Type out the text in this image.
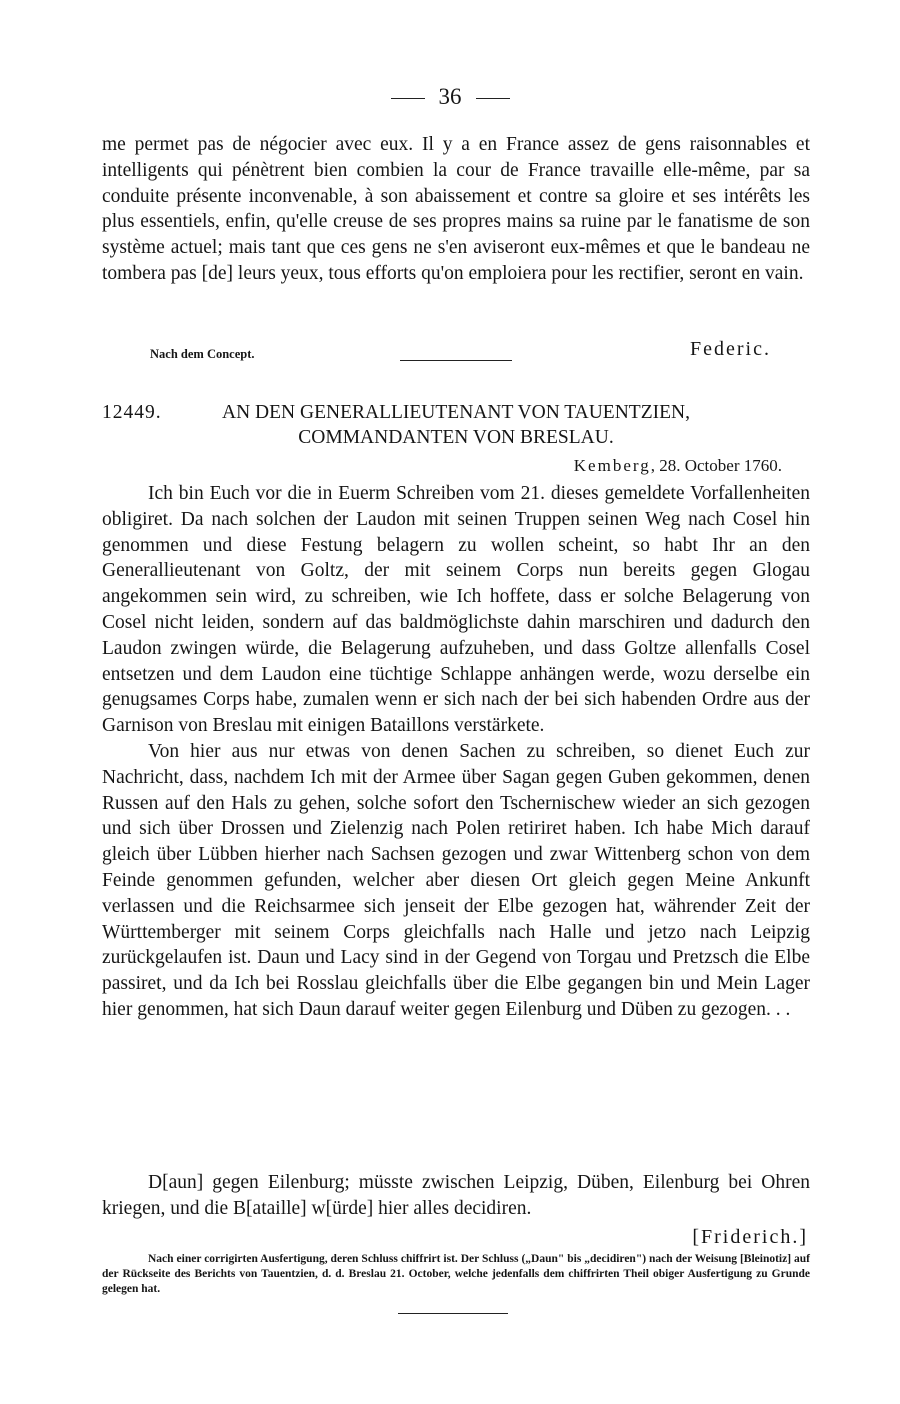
36

me permet pas de négocier avec eux. Il y a en France assez de gens raisonnables et intelligents qui pénètrent bien combien la cour de France travaille elle-même, par sa conduite présente inconvenable, à son abaissement et contre sa gloire et ses intérêts les plus essentiels, enfin, qu'elle creuse de ses propres mains sa ruine par le fanatisme de son système actuel; mais tant que ces gens ne s'en aviseront eux-mêmes et que le bandeau ne tombera pas [de] leurs yeux, tous efforts qu'on emploiera pour les rectifier, seront en vain.

Nach dem Concept.	Federic.
12449.	AN DEN GENERALLIEUTENANT VON TAUENTZIEN,
COMMANDANTEN VON BRESLAU.
Kemberg, 28. October 1760.

Ich bin Euch vor die in Euerm Schreiben vom 21. dieses gemeldete Vorfallenheiten obligiret. Da nach solchen der Laudon mit seinen Truppen seinen Weg nach Cosel hin genommen und diese Festung belagern zu wollen scheint, so habt Ihr an den Generallieutenant von Goltz, der mit seinem Corps nun bereits gegen Glogau angekommen sein wird, zu schreiben, wie Ich hoffete, dass er solche Belagerung von Cosel nicht leiden, sondern auf das baldmöglichste dahin marschiren und dadurch den Laudon zwingen würde, die Belagerung aufzuheben, und dass Goltze allenfalls Cosel entsetzen und dem Laudon eine tüchtige Schlappe anhängen werde, wozu derselbe ein genugsames Corps habe, zumalen wenn er sich nach der bei sich habenden Ordre aus der Garnison von Breslau mit einigen Bataillons verstärkete.

Von hier aus nur etwas von denen Sachen zu schreiben, so dienet Euch zur Nachricht, dass, nachdem Ich mit der Armee über Sagan gegen Guben gekommen, denen Russen auf den Hals zu gehen, solche sofort den Tschernischew wieder an sich gezogen und sich über Drossen und Zielenzig nach Polen retiriret haben. Ich habe Mich darauf gleich über Lübben hierher nach Sachsen gezogen und zwar Wittenberg schon von dem Feinde genommen gefunden, welcher aber diesen Ort gleich gegen Meine Ankunft verlassen und die Reichsarmee sich jenseit der Elbe gezogen hat, währender Zeit der Württemberger mit seinem Corps gleichfalls nach Halle und jetzo nach Leipzig zurückgelaufen ist. Daun und Lacy sind in der Gegend von Torgau und Pretzsch die Elbe passiret, und da Ich bei Rosslau gleichfalls über die Elbe gegangen bin und Mein Lager hier genommen, hat sich Daun darauf weiter gegen Eilenburg und Düben zu gezogen. . .

D[aun] gegen Eilenburg; müsste zwischen Leipzig, Düben, Eilenburg bei Ohren kriegen, und die B[ataille] w[ürde] hier alles decidiren.

[Friderich.]

Nach einer corrigirten Ausfertigung, deren Schluss chiffrirt ist. Der Schluss („Daun" bis „decidiren") nach der Weisung [Bleinotiz] auf der Rückseite des Berichts von Tauentzien, d. d. Breslau 21. October, welche jedenfalls dem chiffrirten Theil obiger Ausfertigung zu Grunde gelegen hat.
